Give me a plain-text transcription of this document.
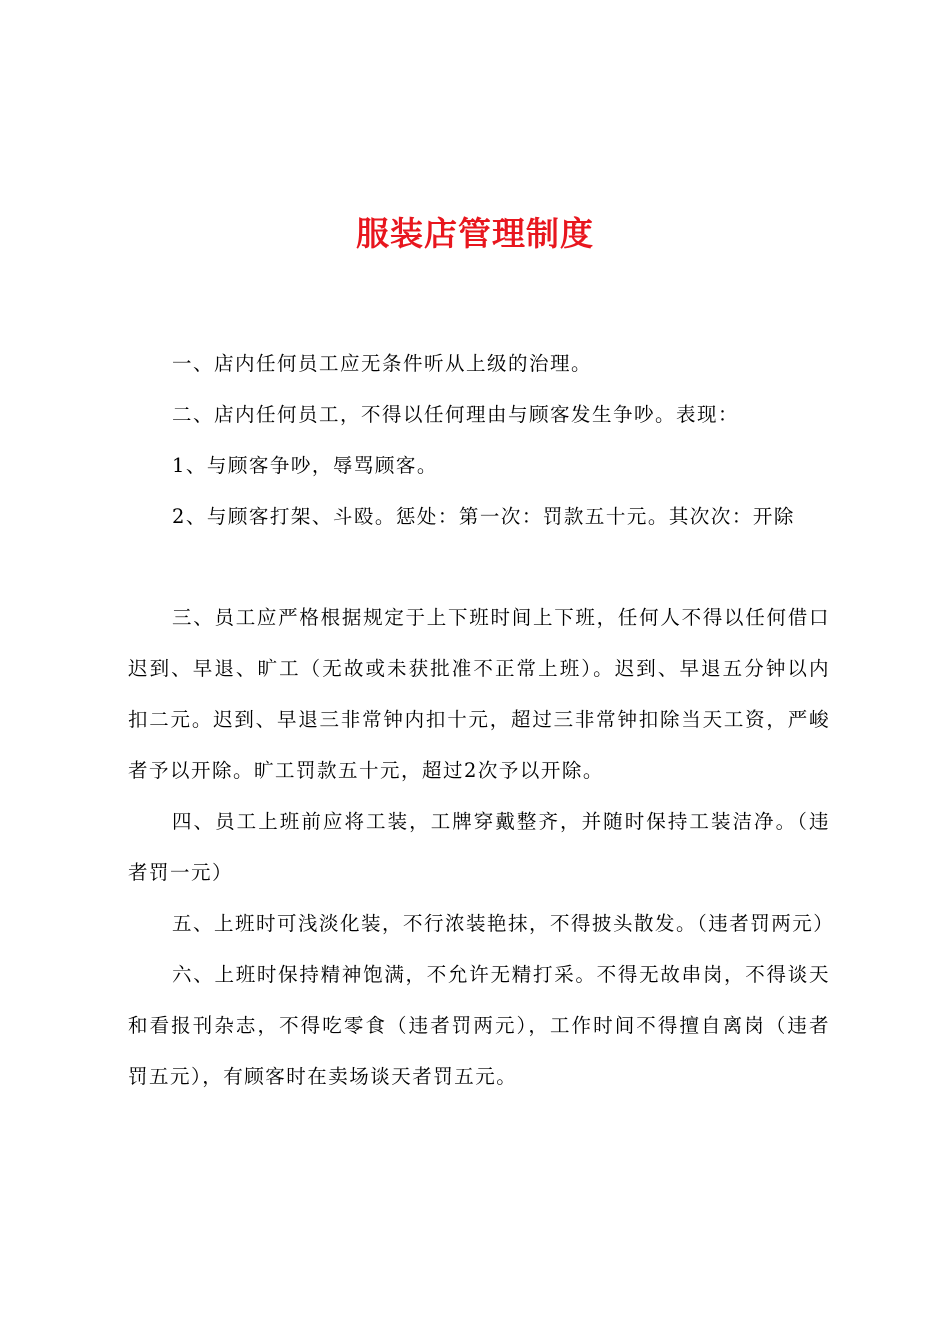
服装店管理制度

一、店内任何员工应无条件听从上级的治理。

二、店内任何员工，不得以任何理由与顾客发生争吵。表现：

1、与顾客争吵，辱骂顾客。

2、与顾客打架、斗殴。惩处：第一次：罚款五十元。其次次：开除

三、员工应严格根据规定于上下班时间上下班，任何人不得以任何借口迟到、早退、旷工（无故或未获批准不正常上班）。迟到、早退五分钟以内扣二元。迟到、早退三非常钟内扣十元，超过三非常钟扣除当天工资，严峻者予以开除。旷工罚款五十元，超过2次予以开除。

四、员工上班前应将工装，工牌穿戴整齐，并随时保持工装洁净。（违者罚一元）

五、上班时可浅淡化装，不行浓装艳抹，不得披头散发。（违者罚两元）

六、上班时保持精神饱满，不允许无精打采。不得无故串岗，不得谈天和看报刊杂志，不得吃零食（违者罚两元），工作时间不得擅自离岗（违者罚五元），有顾客时在卖场谈天者罚五元。
